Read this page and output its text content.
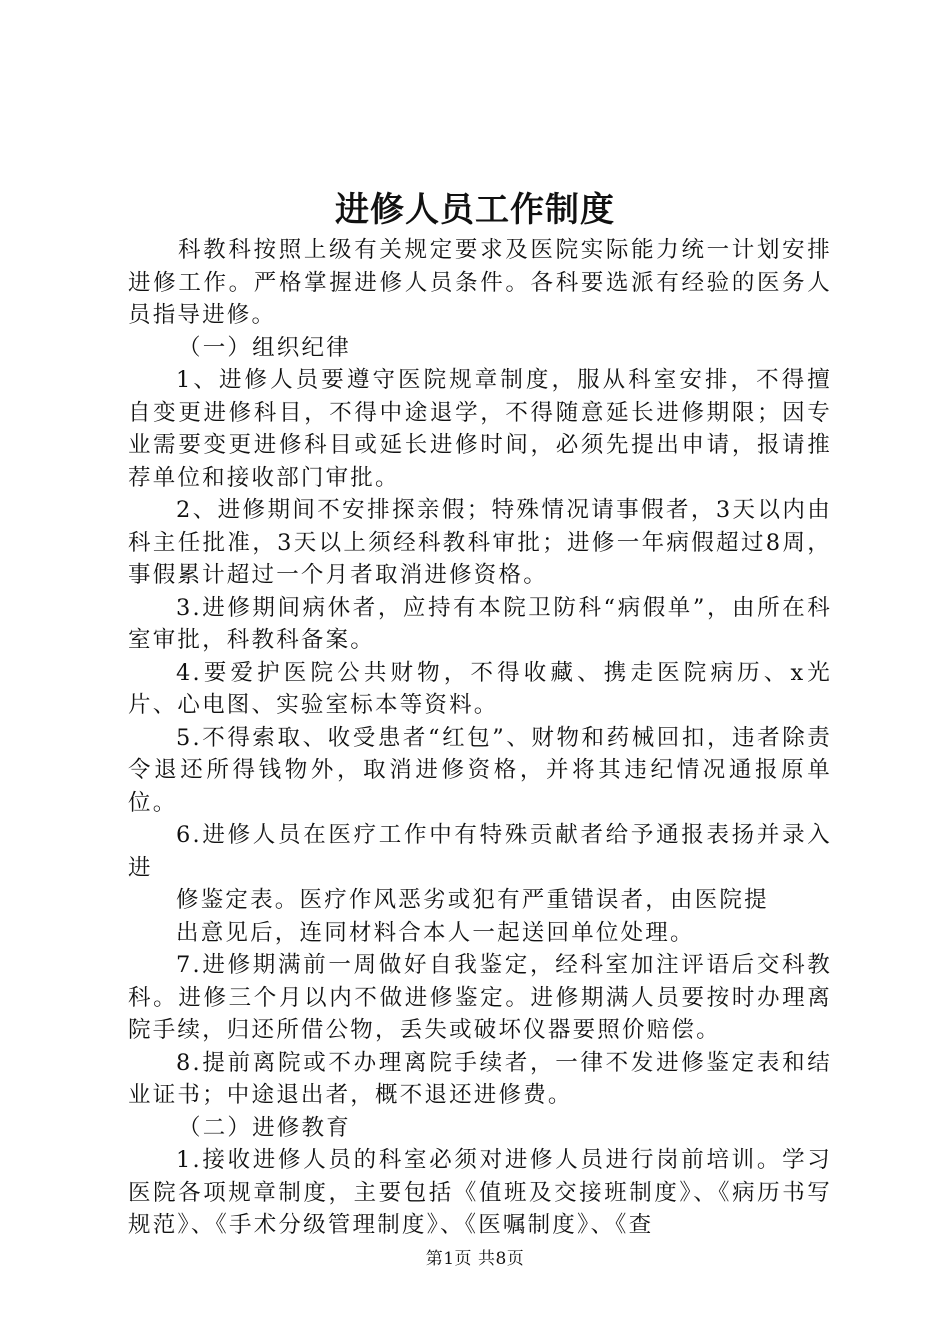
进修人员工作制度

科教科按照上级有关规定要求及医院实际能力统一计划安排进修工作。严格掌握进修人员条件。各科要选派有经验的医务人员指导进修。

（一）组织纪律

1、进修人员要遵守医院规章制度，服从科室安排，不得擅自变更进修科目，不得中途退学，不得随意延长进修期限；因专业需要变更进修科目或延长进修时间，必须先提出申请，报请推荐单位和接收部门审批。

2、进修期间不安排探亲假；特殊情况请事假者，3天以内由科主任批准，3天以上须经科教科审批；进修一年病假超过8周，事假累计超过一个月者取消进修资格。

3.进修期间病休者，应持有本院卫防科“病假单”，由所在科室审批，科教科备案。

4.要爱护医院公共财物，不得收藏、携走医院病历、x光片、心电图、实验室标本等资料。

5.不得索取、收受患者“红包”、财物和药械回扣，违者除责令退还所得钱物外，取消进修资格，并将其违纪情况通报原单位。

6.进修人员在医疗工作中有特殊贡献者给予通报表扬并录入进

修鉴定表。医疗作风恶劣或犯有严重错误者，由医院提

出意见后，连同材料合本人一起送回单位处理。

7.进修期满前一周做好自我鉴定，经科室加注评语后交科教科。进修三个月以内不做进修鉴定。进修期满人员要按时办理离院手续，归还所借公物，丢失或破坏仪器要照价赔偿。

8.提前离院或不办理离院手续者，一律不发进修鉴定表和结业证书；中途退出者，概不退还进修费。

（二）进修教育

1.接收进修人员的科室必须对进修人员进行岗前培训。学习医院各项规章制度，主要包括《值班及交接班制度》、《病历书写规范》、《手术分级管理制度》、《医嘱制度》、《查

第1页 共8页
